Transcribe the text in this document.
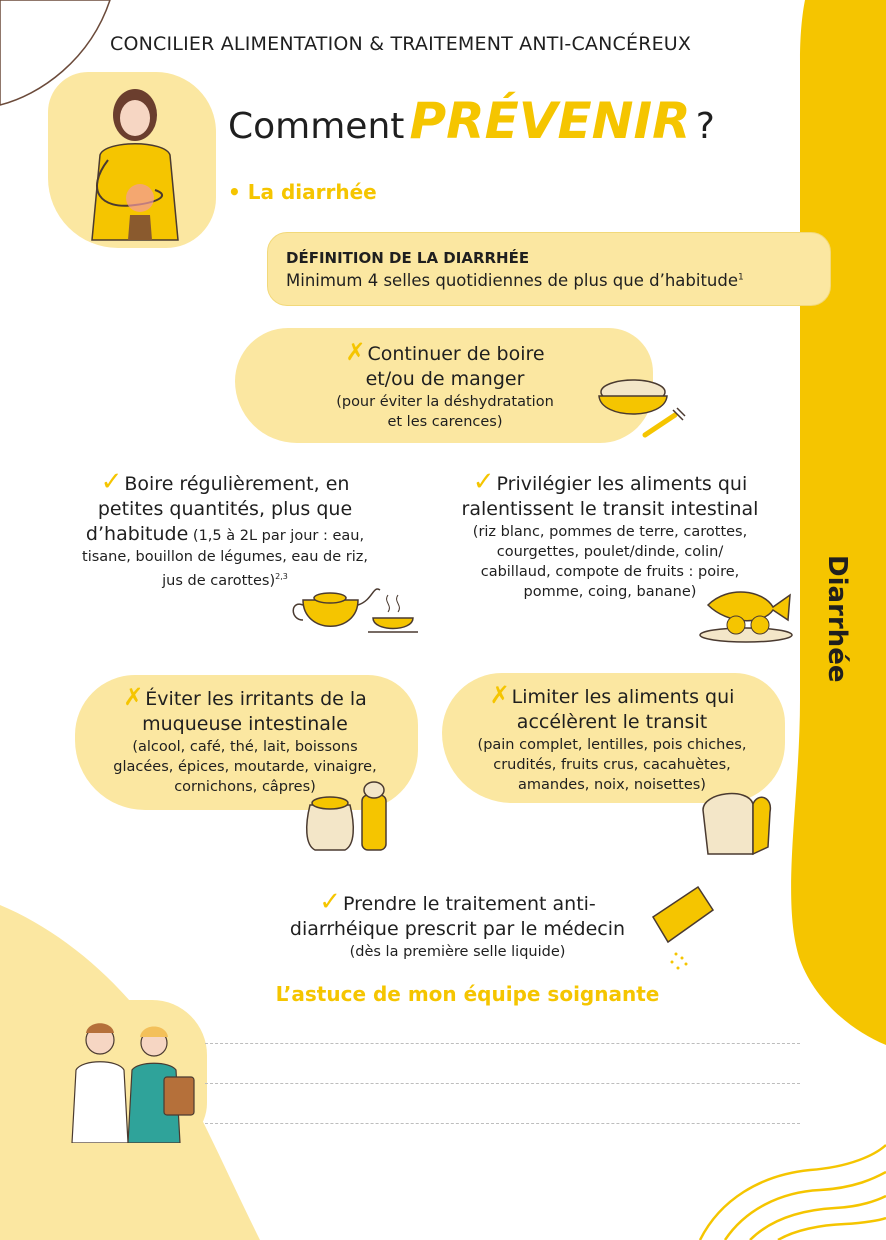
CONCILIER ALIMENTATION & TRAITEMENT ANTI-CANCÉREUX
Comment PRÉVENIR ?
• La diarrhée
DÉFINITION DE LA DIARRHÉE
Minimum 4 selles quotidiennes de plus que d’habitude$^1$
Diarrhée
✗ Continuer de boire
et/ou de manger
(pour éviter la déshydratation
et les carences)
✓ Boire régulièrement, en
petites quantités, plus que
d’habitude (1,5 à 2L par jour : eau,
tisane, bouillon de légumes, eau de riz,
jus de carottes)$^{2,3}$
✓ Privilégier les aliments qui
ralentissent le transit intestinal
(riz blanc, pommes de terre, carottes,
courgettes, poulet/dinde, colin/
cabillaud, compote de fruits : poire,
pomme, coing, banane)
✗ Éviter les irritants de la
muqueuse intestinale
(alcool, café, thé, lait, boissons
glacées, épices, moutarde, vinaigre,
cornichons, câpres)
✗ Limiter les aliments qui
accélèrent le transit
(pain complet, lentilles, pois chiches,
crudités, fruits crus, cacahuètes,
amandes, noix, noisettes)
✓ Prendre le traitement anti-
diarrhéique prescrit par le médecin
(dès la première selle liquide)
L’astuce de mon équipe soignante
